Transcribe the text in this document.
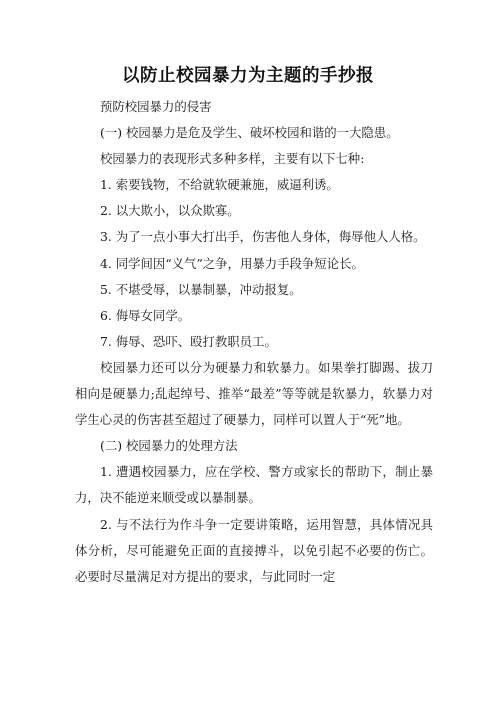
以防止校园暴力为主题的手抄报

预防校园暴力的侵害

(一) 校园暴力是危及学生、破坏校园和谐的一大隐患。

校园暴力的表现形式多种多样，主要有以下七种:

1. 索要钱物，不给就软硬兼施，威逼利诱。

2. 以大欺小，以众欺寡。

3. 为了一点小事大打出手，伤害他人身体，侮辱他人人格。

4. 同学间因“义气”之争，用暴力手段争短论长。

5. 不堪受辱，以暴制暴，冲动报复。

6. 侮辱女同学。

7. 侮辱、恐吓、殴打教职员工。

校园暴力还可以分为硬暴力和软暴力。如果拳打脚踢、拔刀相向是硬暴力;乱起绰号、推举“最差”等等就是软暴力，软暴力对学生心灵的伤害甚至超过了硬暴力，同样可以置人于“死”地。

(二) 校园暴力的处理方法

1. 遭遇校园暴力，应在学校、警方或家长的帮助下，制止暴力，决不能逆来顺受或以暴制暴。

2. 与不法行为作斗争一定要讲策略，运用智慧，具体情况具体分析，尽可能避免正面的直接搏斗，以免引起不必要的伤亡。必要时尽量满足对方提出的要求，与此同时一定
